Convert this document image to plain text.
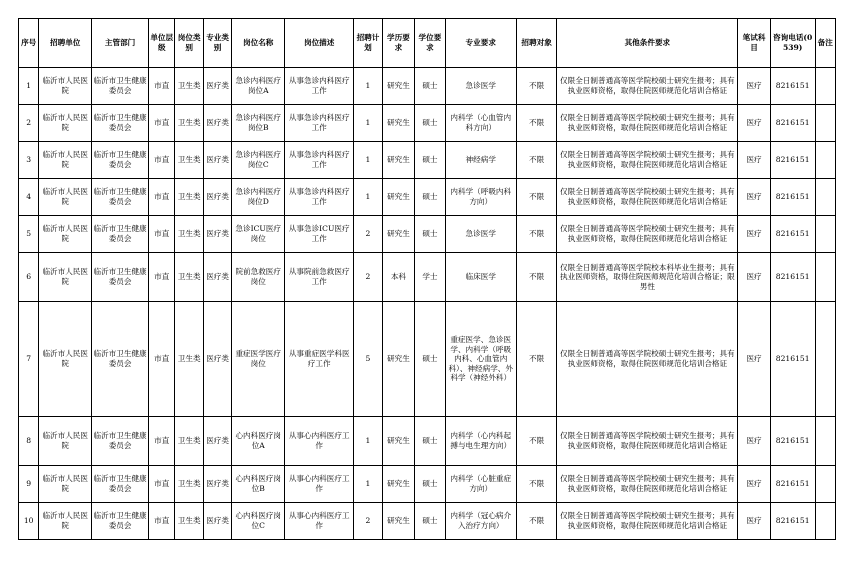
序号	招聘单位	主管部门	单位层级	岗位类别	专业类别	岗位名称	岗位描述	招聘计划	学历要求	学位要求	专业要求	招聘对象	其他条件要求	笔试科目	咨询电话(0539)	备注
1	临沂市人民医院	临沂市卫生健康委员会	市直	卫生类	医疗类	急诊内科医疗岗位A	从事急诊内科医疗工作	1	研究生	硕士	急诊医学	不限	仅限全日制普通高等医学院校硕士研究生报考；具有执业医师资格，取得住院医师规范化培训合格证	医疗	8216151	
2	临沂市人民医院	临沂市卫生健康委员会	市直	卫生类	医疗类	急诊内科医疗岗位B	从事急诊内科医疗工作	1	研究生	硕士	内科学（心血管内科方向）	不限	仅限全日制普通高等医学院校硕士研究生报考；具有执业医师资格，取得住院医师规范化培训合格证	医疗	8216151	
3	临沂市人民医院	临沂市卫生健康委员会	市直	卫生类	医疗类	急诊内科医疗岗位C	从事急诊内科医疗工作	1	研究生	硕士	神经病学	不限	仅限全日制普通高等医学院校硕士研究生报考；具有执业医师资格，取得住院医师规范化培训合格证	医疗	8216151	
4	临沂市人民医院	临沂市卫生健康委员会	市直	卫生类	医疗类	急诊内科医疗岗位D	从事急诊内科医疗工作	1	研究生	硕士	内科学（呼吸内科方向）	不限	仅限全日制普通高等医学院校硕士研究生报考；具有执业医师资格，取得住院医师规范化培训合格证	医疗	8216151	
5	临沂市人民医院	临沂市卫生健康委员会	市直	卫生类	医疗类	急诊ICU医疗岗位	从事急诊ICU医疗工作	2	研究生	硕士	急诊医学	不限	仅限全日制普通高等医学院校硕士研究生报考；具有执业医师资格，取得住院医师规范化培训合格证	医疗	8216151	
6	临沂市人民医院	临沂市卫生健康委员会	市直	卫生类	医疗类	院前急救医疗岗位	从事院前急救医疗工作	2	本科	学士	临床医学	不限	仅限全日制普通高等医学院校本科毕业生报考；具有执业医师资格，取得住院医师规范化培训合格证；限男性	医疗	8216151	
7	临沂市人民医院	临沂市卫生健康委员会	市直	卫生类	医疗类	重症医学医疗岗位	从事重症医学科医疗工作	5	研究生	硕士	重症医学、急诊医学、内科学（呼吸内科、心血管内科）、神经病学、外科学（神经外科）	不限	仅限全日制普通高等医学院校硕士研究生报考；具有执业医师资格，取得住院医师规范化培训合格证	医疗	8216151	
8	临沂市人民医院	临沂市卫生健康委员会	市直	卫生类	医疗类	心内科医疗岗位A	从事心内科医疗工作	1	研究生	硕士	内科学（心内科起搏与电生理方向）	不限	仅限全日制普通高等医学院校硕士研究生报考；具有执业医师资格，取得住院医师规范化培训合格证	医疗	8216151	
9	临沂市人民医院	临沂市卫生健康委员会	市直	卫生类	医疗类	心内科医疗岗位B	从事心内科医疗工作	1	研究生	硕士	内科学（心脏重症方向）	不限	仅限全日制普通高等医学院校硕士研究生报考；具有执业医师资格，取得住院医师规范化培训合格证	医疗	8216151	
10	临沂市人民医院	临沂市卫生健康委员会	市直	卫生类	医疗类	心内科医疗岗位C	从事心内科医疗工作	2	研究生	硕士	内科学（冠心病介入治疗方向）	不限	仅限全日制普通高等医学院校硕士研究生报考；具有执业医师资格，取得住院医师规范化培训合格证	医疗	8216151	
